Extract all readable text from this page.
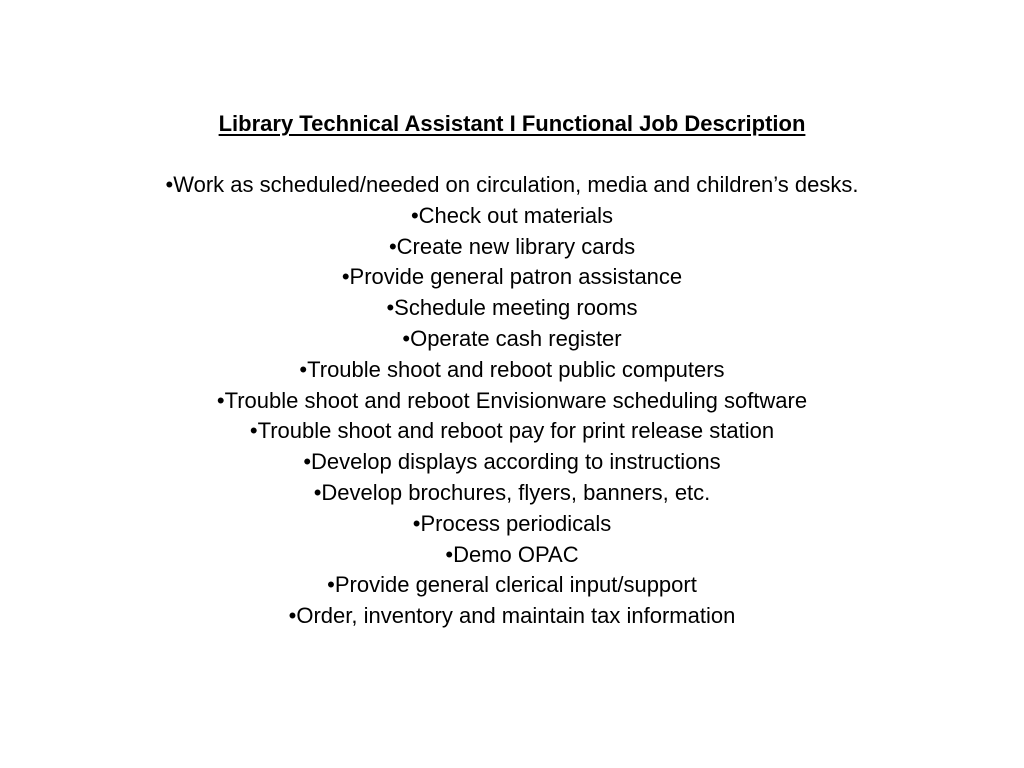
Library Technical Assistant I Functional Job Description
•Work as scheduled/needed on circulation, media and children’s desks.
•Check out materials
•Create new library cards
•Provide general patron assistance
•Schedule meeting rooms
•Operate cash register
•Trouble shoot and reboot public computers
•Trouble shoot and reboot Envisionware scheduling software
•Trouble shoot and reboot pay for print release station
•Develop displays according to instructions
•Develop brochures, flyers, banners, etc.
•Process periodicals
•Demo OPAC
•Provide general clerical input/support
•Order, inventory and maintain tax information
